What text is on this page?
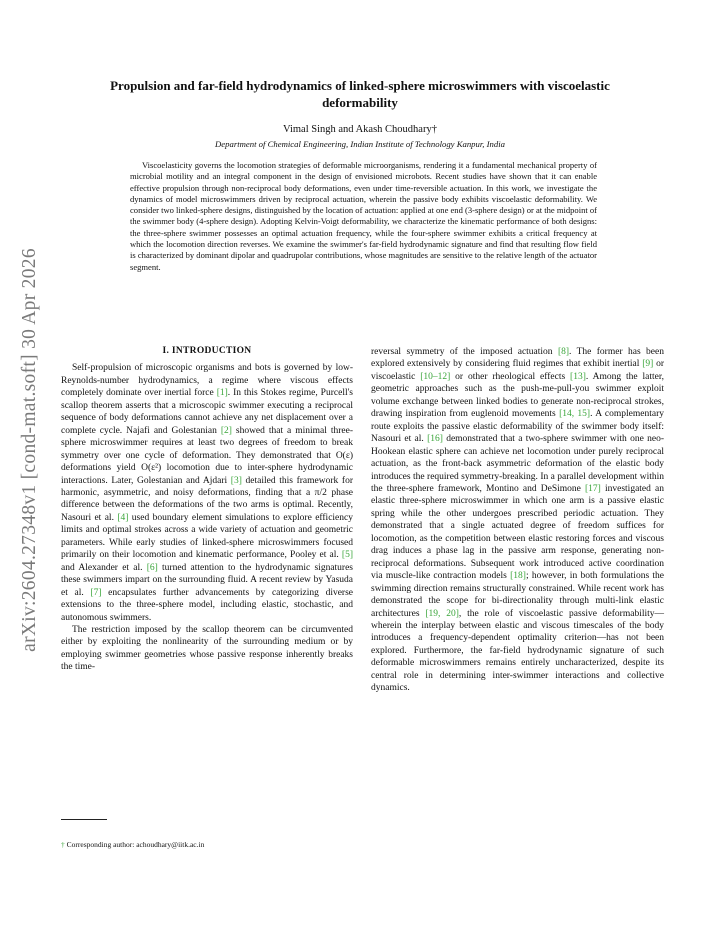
arXiv:2604.27348v1 [cond-mat.soft] 30 Apr 2026
Propulsion and far-field hydrodynamics of linked-sphere microswimmers with viscoelastic deformability
Vimal Singh and Akash Choudhary†
Department of Chemical Engineering, Indian Institute of Technology Kanpur, India
Viscoelasticity governs the locomotion strategies of deformable microorganisms, rendering it a fundamental mechanical property of microbial motility and an integral component in the design of envisioned microbots. Recent studies have shown that it can enable effective propulsion through non-reciprocal body deformations, even under time-reversible actuation. In this work, we investigate the dynamics of model microswimmers driven by reciprocal actuation, wherein the passive body exhibits viscoelastic deformability. We consider two linked-sphere designs, distinguished by the location of actuation: applied at one end (3-sphere design) or at the midpoint of the swimmer body (4-sphere design). Adopting Kelvin-Voigt deformability, we characterize the kinematic performance of both designs: the three-sphere swimmer possesses an optimal actuation frequency, while the four-sphere swimmer exhibits a critical frequency at which the locomotion direction reverses. We examine the swimmer's far-field hydrodynamic signature and find that resulting flow field is characterized by dominant dipolar and quadrupolar contributions, whose magnitudes are sensitive to the relative length of the actuator segment.
I. INTRODUCTION

Self-propulsion of microscopic organisms and bots is governed by low-Reynolds-number hydrodynamics, a regime where viscous effects completely dominate over inertial force [1]. In this Stokes regime, Purcell's scallop theorem asserts that a microscopic swimmer executing a reciprocal sequence of body deformations cannot achieve any net displacement over a complete cycle. Najafi and Golestanian [2] showed that a minimal three-sphere microswimmer requires at least two degrees of freedom to break symmetry over one cycle of deformation. They demonstrated that O(ε) deformations yield O(ε²) locomotion due to inter-sphere hydrodynamic interactions. Later, Golestanian and Ajdari [3] detailed this framework for harmonic, asymmetric, and noisy deformations, finding that a π/2 phase difference between the deformations of the two arms is optimal. Recently, Nasouri et al. [4] used boundary element simulations to explore efficiency limits and optimal strokes across a wide variety of actuation and geometric parameters. While early studies of linked-sphere microswimmers focused primarily on their locomotion and kinematic performance, Pooley et al. [5] and Alexander et al. [6] turned attention to the hydrodynamic signatures these swimmers impart on the surrounding fluid. A recent review by Yasuda et al. [7] encapsulates further advancements by categorizing diverse extensions to the three-sphere model, including elastic, stochastic, and autonomous swimmers.

The restriction imposed by the scallop theorem can be circumvented either by exploiting the nonlinearity of the surrounding medium or by employing swimmer geometries whose passive response inherently breaks the time-

reversal symmetry of the imposed actuation [8]. The former has been explored extensively by considering fluid regimes that exhibit inertial [9] or viscoelastic [10–12] or other rheological effects [13]. Among the latter, geometric approaches such as the push-me-pull-you swimmer exploit volume exchange between linked bodies to generate non-reciprocal strokes, drawing inspiration from euglenoid movements [14, 15]. A complementary route exploits the passive elastic deformability of the swimmer body itself: Nasouri et al. [16] demonstrated that a two-sphere swimmer with one neo-Hookean elastic sphere can achieve net locomotion under purely reciprocal actuation, as the front-back asymmetric deformation of the elastic body introduces the required symmetry-breaking. In a parallel development within the three-sphere framework, Montino and DeSimone [17] investigated an elastic three-sphere microswimmer in which one arm is a passive elastic spring while the other undergoes prescribed periodic actuation. They demonstrated that a single actuated degree of freedom suffices for locomotion, as the competition between elastic restoring forces and viscous drag induces a phase lag in the passive arm response, generating non-reciprocal deformations. Subsequent work introduced active coordination via muscle-like contraction models [18]; however, in both formulations the swimming direction remains structurally constrained. While recent work has demonstrated the scope for bi-directionality through multi-link elastic architectures [19, 20], the role of viscoelastic passive deformability—wherein the interplay between elastic and viscous timescales of the body introduces a frequency-dependent optimality criterion—has not been explored. Furthermore, the far-field hydrodynamic signature of such deformable microswimmers remains entirely uncharacterized, despite its central role in determining inter-swimmer interactions and collective dynamics.

† Corresponding author: achoudhary@iitk.ac.in
